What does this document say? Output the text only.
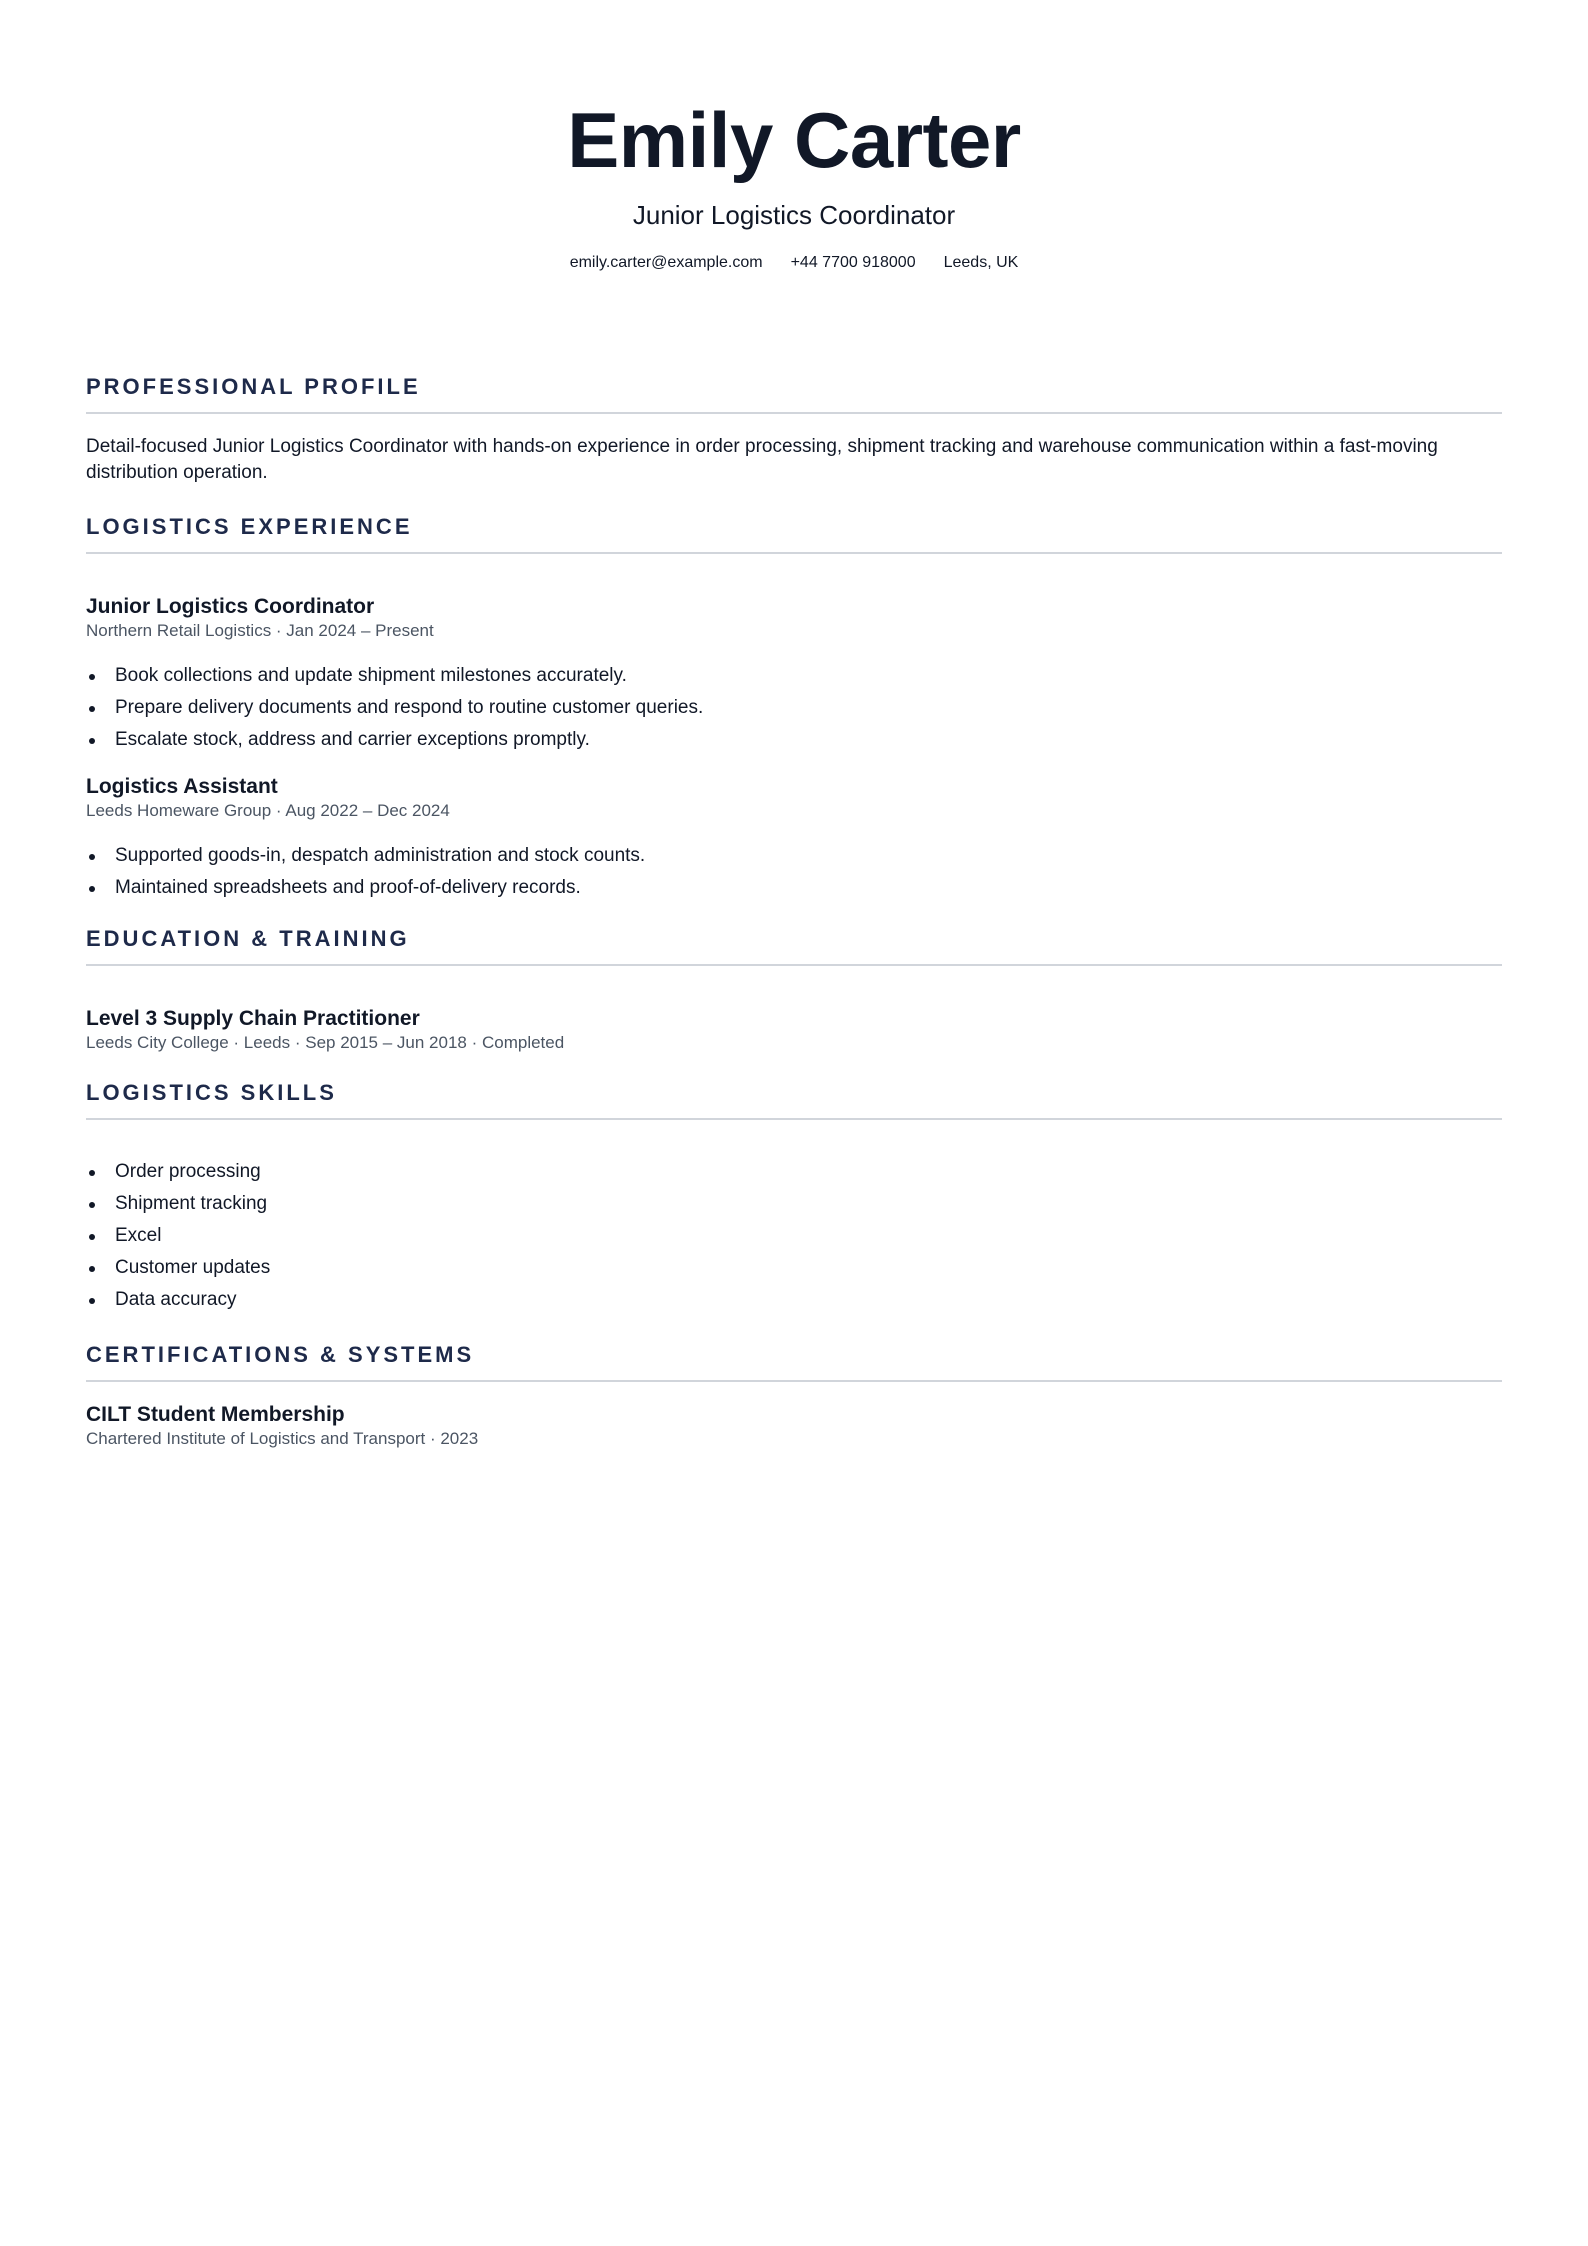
Emily Carter
Junior Logistics Coordinator
emily.carter@example.com +44 7700 918000 Leeds, UK
PROFESSIONAL PROFILE

Detail-focused Junior Logistics Coordinator with hands-on experience in order processing, shipment tracking and warehouse communication within a fast-moving distribution operation.

LOGISTICS EXPERIENCE
Junior Logistics Coordinator

Northern Retail Logistics · Jan 2024 – Present

Book collections and update shipment milestones accurately.
Prepare delivery documents and respond to routine customer queries.
Escalate stock, address and carrier exceptions promptly.
Logistics Assistant

Leeds Homeware Group · Aug 2022 – Dec 2024

Supported goods-in, despatch administration and stock counts.
Maintained spreadsheets and proof-of-delivery records.
EDUCATION & TRAINING
Level 3 Supply Chain Practitioner

Leeds City College · Leeds · Sep 2015 – Jun 2018 · Completed

LOGISTICS SKILLS
Order processing
Shipment tracking
Excel
Customer updates
Data accuracy
CERTIFICATIONS & SYSTEMS
CILT Student Membership

Chartered Institute of Logistics and Transport · 2023
